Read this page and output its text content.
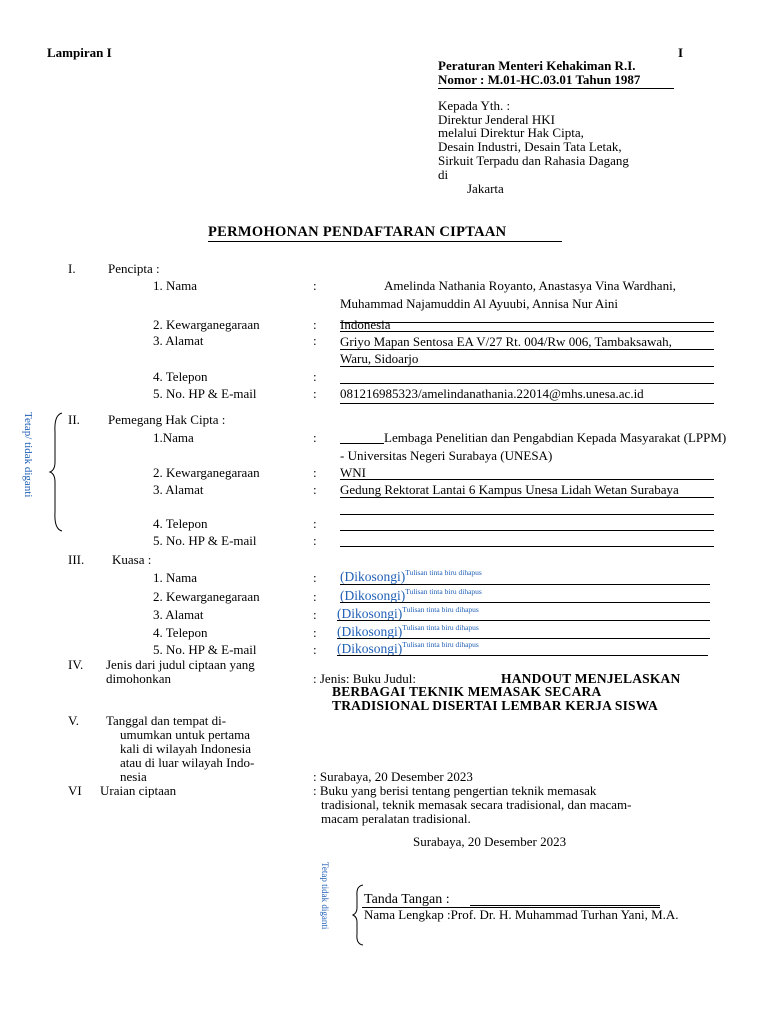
Lampiran I	I
Peraturan Menteri Kehakiman R.I.
Nomor : M.01-HC.03.01 Tahun 1987
Kepada Yth. :
Direktur Jenderal HKI
melalui Direktur Hak Cipta,
Desain Industri, Desain Tata Letak,
Sirkuit Terpadu dan Rahasia Dagang
di
Jakarta
PERMOHONAN PENDAFTARAN CIPTAAN
I. Pencipta :
1. Nama	:	Amelinda Nathania Royanto, Anastasya Vina Wardhani,
Muhammad Najamuddin Al Ayuubi, Annisa Nur Aini
2. Kewarganegaraan	: Indonesia
3. Alamat	: Griyo Mapan Sentosa EA V/27 Rt. 004/Rw 006, Tambaksawah,
Waru, Sidoarjo
4. Telepon	:
5. No. HP & E-mail	: 081216985323/amelindanathania.22014@mhs.unesa.ac.id
Tetap/ tidak diganti	II. Pemegang Hak Cipta :
1.Nama	:	Lembaga Penelitian dan Pengabdian Kepada Masyarakat (LPPM)
- Universitas Negeri Surabaya (UNESA)
2. Kewarganegaraan	: WNI
3. Alamat	: Gedung Rektorat Lantai 6 Kampus Unesa Lidah Wetan Surabaya
4. Telepon	:
5. No. HP & E-mail	:
III. Kuasa :
1. Nama	: (Dikosongi)$^{Tulisan tinta biru dihapus}$
2. Kewarganegaraan	: (Dikosongi)$^{Tulisan tinta biru dihapus}$
3. Alamat	: (Dikosongi)$^{Tulisan tinta biru dihapus}$
4. Telepon	: (Dikosongi)$^{Tulisan tinta biru dihapus}$
5. No. HP & E-mail	: (Dikosongi)$^{Tulisan tinta biru dihapus}$
IV. Jenis dari judul ciptaan yang
dimohonkan	: Jenis: Buku Judul:	HANDOUT MENJELASKAN
BERBAGAI TEKNIK MEMASAK SECARA
TRADISIONAL DISERTAI LEMBAR KERJA SISWA
V. Tanggal dan tempat di-
umumkan untuk pertama
kali di wilayah Indonesia
atau di luar wilayah Indo-
nesia	: Surabaya, 20 Desember 2023
VI Uraian ciptaan	: Buku yang berisi tentang pengertian teknik memasak
tradisional, teknik memasak secara tradisional, dan macam-
macam peralatan tradisional.
Surabaya, 20 Desember 2023
Tetap tidak diganti Tanda Tangan :
Nama Lengkap :Prof. Dr. H. Muhammad Turhan Yani, M.A.
